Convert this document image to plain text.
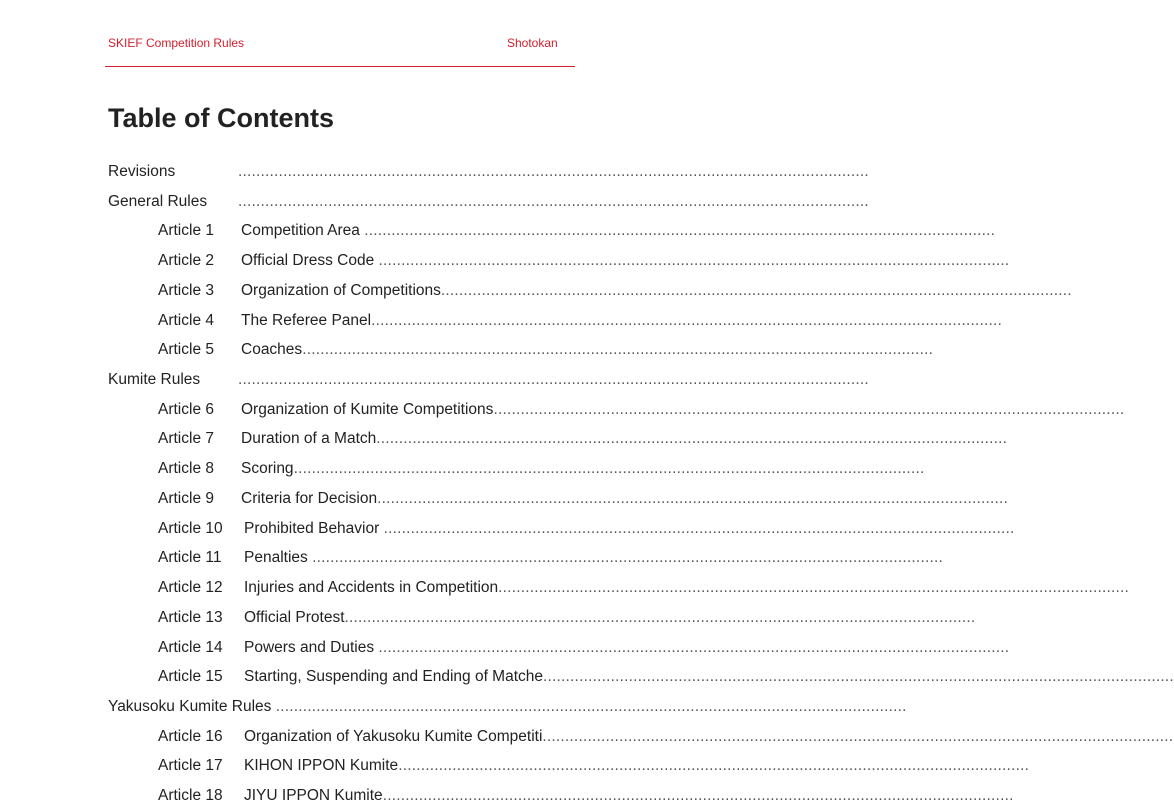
SKIEF Competition Rules	Shotokan
Table of Contents
Revisions	............................................................................................................................................
General Rules ............................................................................................................................................
Article 1 Competition Area ............................................................................................................................................
Article 2 Official Dress Code ............................................................................................................................................
Article 3 Organization of Competitions............................................................................................................................................
Article 4 The Referee Panel............................................................................................................................................
Article 5 Coaches............................................................................................................................................
Kumite Rules ............................................................................................................................................
Article 6 Organization of Kumite Competitions............................................................................................................................................
Article 7 Duration of a Match............................................................................................................................................
Article 8 Scoring............................................................................................................................................
Article 9 Criteria for Decision............................................................................................................................................
Article 10 Prohibited Behavior ............................................................................................................................................
Article 11 Penalties ............................................................................................................................................
Article 12 Injuries and Accidents in Competition............................................................................................................................................
Article 13 Official Protest............................................................................................................................................
Article 14 Powers and Duties ............................................................................................................................................
Article 15 Starting, Suspending and Ending of Matche............................................................................................................................................
Yakusoku Kumite Rules ............................................................................................................................................
Article 16 Organization of Yakusoku Kumite Competiti............................................................................................................................................
Article 17 KIHON IPPON Kumite............................................................................................................................................
Article 18 JIYU IPPON Kumite............................................................................................................................................
